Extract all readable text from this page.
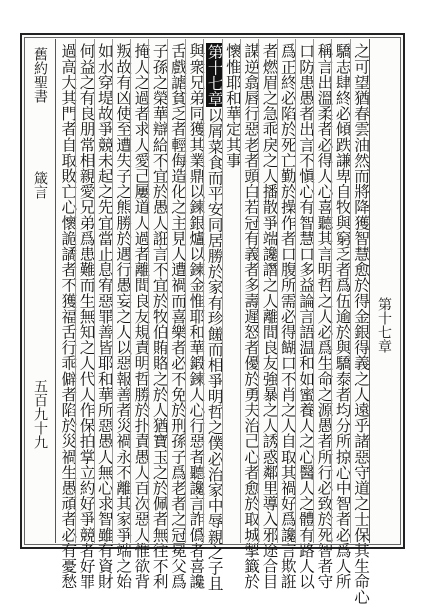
第十七章
舊約聖書
箴言
五百九十九	之可望猶春雲油然而將降獲智慧愈於得金銀得義之人遠乎諸惡守道之士保其生命心
驕志肆終必傾跌謙卑自牧與窮乏者爲伍逾於與驕泰者均分所掠心中智者必爲人所
稱言出溫柔者必得人心喜聽其言明哲之人必爲生命之源愚者所行必致於死智者守
口防患愚者出言不愼心有智慧口多益論言語温和如蜜養人之心醫人之體有路人以
爲正終必陷於死亡勤於操作者口腹所需必得餬口不肖之人自取其禍好爲讒言欺誑
者燃眉之急乖戾之人播散爭端讒譖之人離間良友強暴之人誘惑鄰里導入邪途合目
謀逆翕唇行惡老者頭白若冠有義者多壽遲怒者優於勇夫治己心者愈於取城掣籤於
懷惟耶和華定其事
第十七章以屑菜食而平安同居勝於家有珍饈而相爭明哲之僕必治家中辱親之子且
與衆兄弟同獲其業鼎以鍊銀爐以鍊金惟耶和華鍛鍊人心行惡者聽讒言詐僞者喜讒
舌戲謔貧乏者輕侮造化之主見人遭禍而喜樂者必不免於刑孫子爲老者之冠冕父爲
子孫之榮華辯給不宜於愚人誑言不宜於牧伯賄賂之於人猶寶玉之於佩者無往不利
掩人之過者求人愛己屢道人過者離間良友規責明哲勝於扑責愚人百次惡人惟欲背
叛故有凶使至遭失子之熊勝於遇行愚妄之人以惡報善者災禍永不離其家爭端之始
如水穿堤故爭競未起之先宜當止息宥惡罪善皆耶和華所惡愚人無心求智雖有資財
何益之有良朋常相親愛兄弟爲患難而生無知之人代人作保拍掌立約好爭競者好罪
過高大其門者自取敗亡心懷詭譎者不獲福舌行乖僻者陷於災禍生愚頑者必有憂愁
